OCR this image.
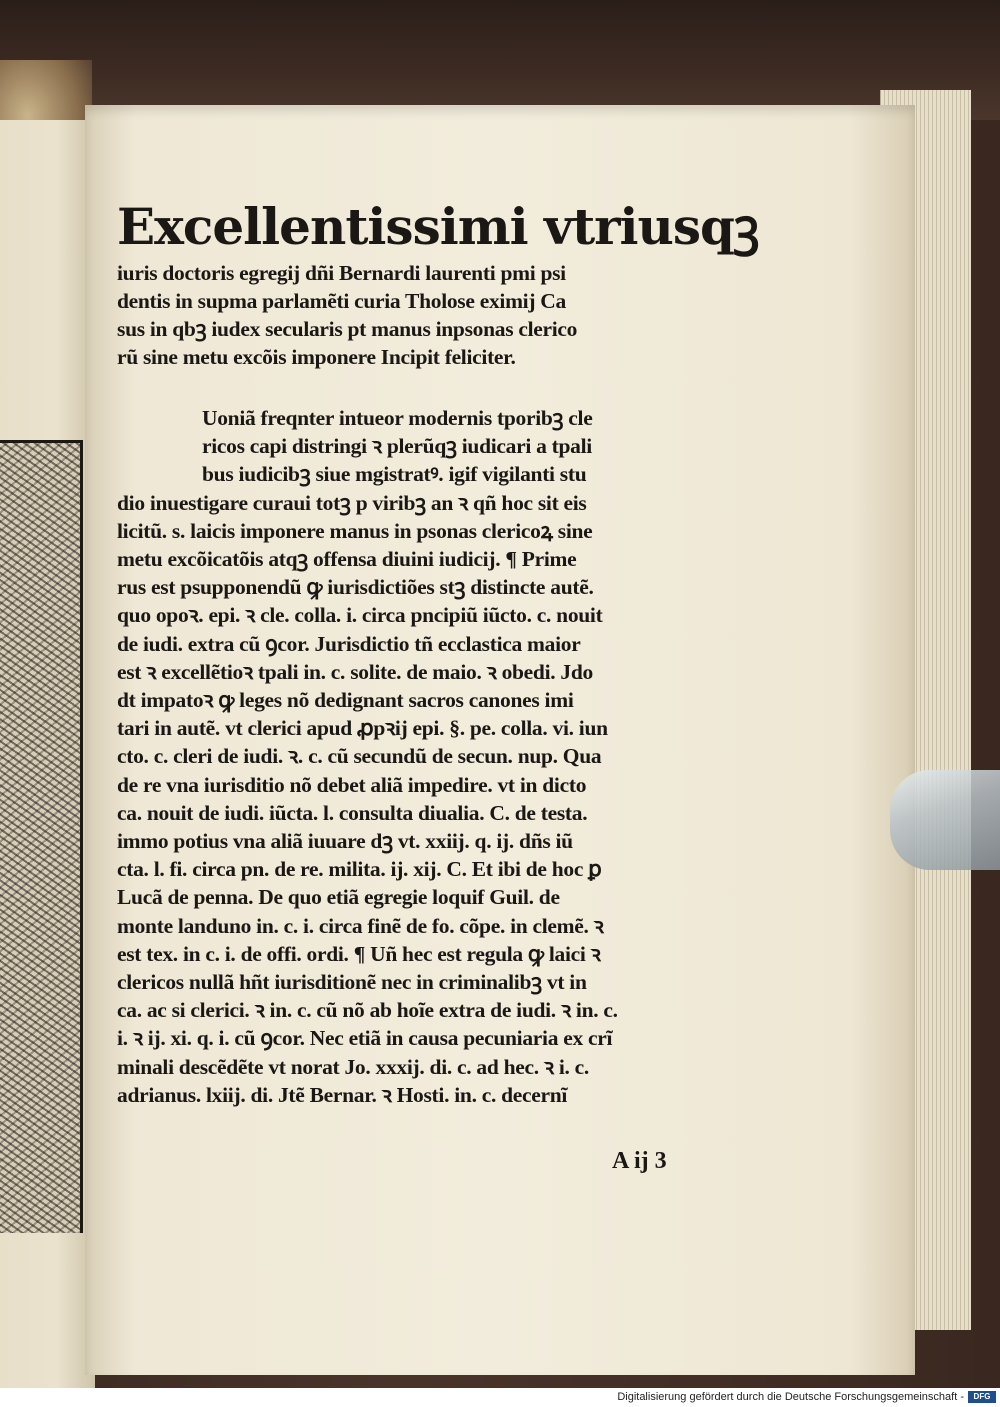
Excellentissimi vtriusqꝫ

iuris doctoris egregij dñi Bernardi laurenti pmi psi

dentis in supma parlamẽti curia Tholose eximij Ca

sus in qbꝫ iudex secularis pt manus inpsonas clerico

rũ sine metu excõis imponere Incipit feliciter.

Uoniã freqnter intueor modernis tporibꝫ cle

ricos capi distringi ꝛ plerũqꝫ iudicari a tpali

bus iudicibꝫ siue mgistratꝰ. igif vigilanti stu

dio inuestigare curaui totꝫ p viribꝫ an ꝛ qñ hoc sit eis

licitũ. s. laicis imponere manus in psonas clericoꝝ sine

metu excõicatõis atqꝫ offensa diuini iudicij. ¶ Prime

rus est psupponendũ ꝙ iurisdictiões stꝫ distincte autẽ.

quo opoꝛ. epi. ꝛ cle. colla. i. circa pncipiũ iũcto. c. nouit

de iudi. extra cũ ꝯcor. Jurisdictio tñ ecclastica maior

est ꝛ excellẽtioꝛ tpali in. c. solite. de maio. ꝛ obedi. Jdo

dt impatoꝛ ꝙ leges nõ dedignant sacros canones imi

tari in autẽ. vt clerici apud ꝓpꝛij epi. §. pe. colla. vi. iun

cto. c. cleri de iudi. ꝛ. c. cũ secundũ de secun. nup. Qua

de re vna iurisditio nõ debet aliã impedire. vt in dicto

ca. nouit de iudi. iũcta. l. consulta diualia. C. de testa.

immo potius vna aliã iuuare dꝫ vt. xxiij. q. ij. dñs iũ

cta. l. fi. circa pn. de re. milita. ij. xij. C. Et ibi de hoc ꝑ

Lucã de penna. De quo etiã egregie loquif Guil. de

monte landuno in. c. i. circa finẽ de fo. cõpe. in clemẽ. ꝛ

est tex. in c. i. de offi. ordi. ¶ Uñ hec est regula ꝙ laici ꝛ

clericos nullã hñt iurisditionẽ nec in criminalibꝫ vt in

ca. ac si clerici. ꝛ in. c. cũ nõ ab hoĩe extra de iudi. ꝛ in. c.

i. ꝛ ij. xi. q. i. cũ ꝯcor. Nec etiã in causa pecuniaria ex crĩ

minali descẽdẽte vt norat Jo. xxxij. di. c. ad hec. ꝛ i. c.

adrianus. lxiij. di. Jtẽ Bernar. ꝛ Hosti. in. c. decernĩ

A ij 3
Digitalisierung gefördert durch die Deutsche Forschungsgemeinschaft -	DFG
